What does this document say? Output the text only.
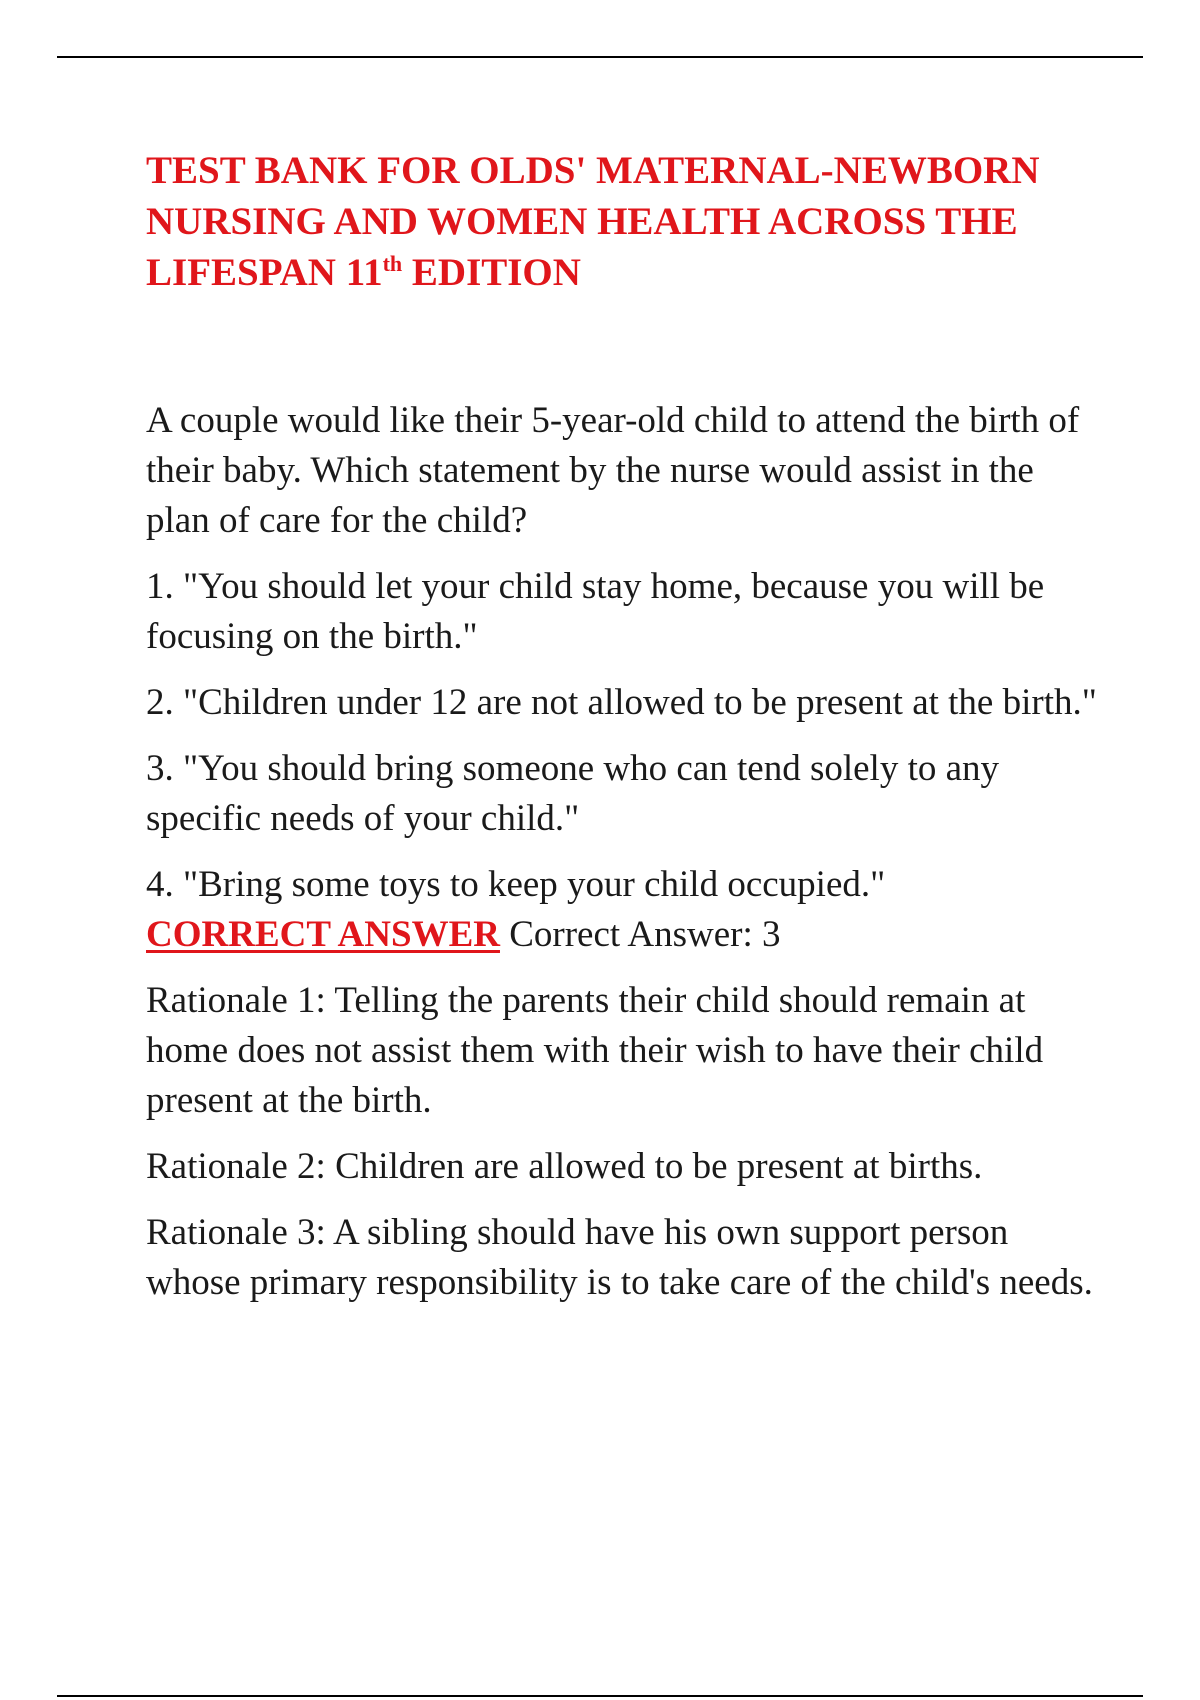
TEST BANK FOR OLDS' MATERNAL-NEWBORN
NURSING AND WOMEN HEALTH ACROSS THE
LIFESPAN 11th EDITION

A couple would like their 5-year-old child to attend the birth of their baby. Which statement by the nurse would assist in the plan of care for the child?

1. "You should let your child stay home, because you will be focusing on the birth."

2. "Children under 12 are not allowed to be present at the birth."

3. "You should bring someone who can tend solely to any specific needs of your child."

4. "Bring some toys to keep your child occupied."

CORRECT ANSWER Correct Answer: 3

Rationale 1: Telling the parents their child should remain at home does not assist them with their wish to have their child present at the birth.

Rationale 2: Children are allowed to be present at births.

Rationale 3: A sibling should have his own support person whose primary responsibility is to take care of the child's needs.
